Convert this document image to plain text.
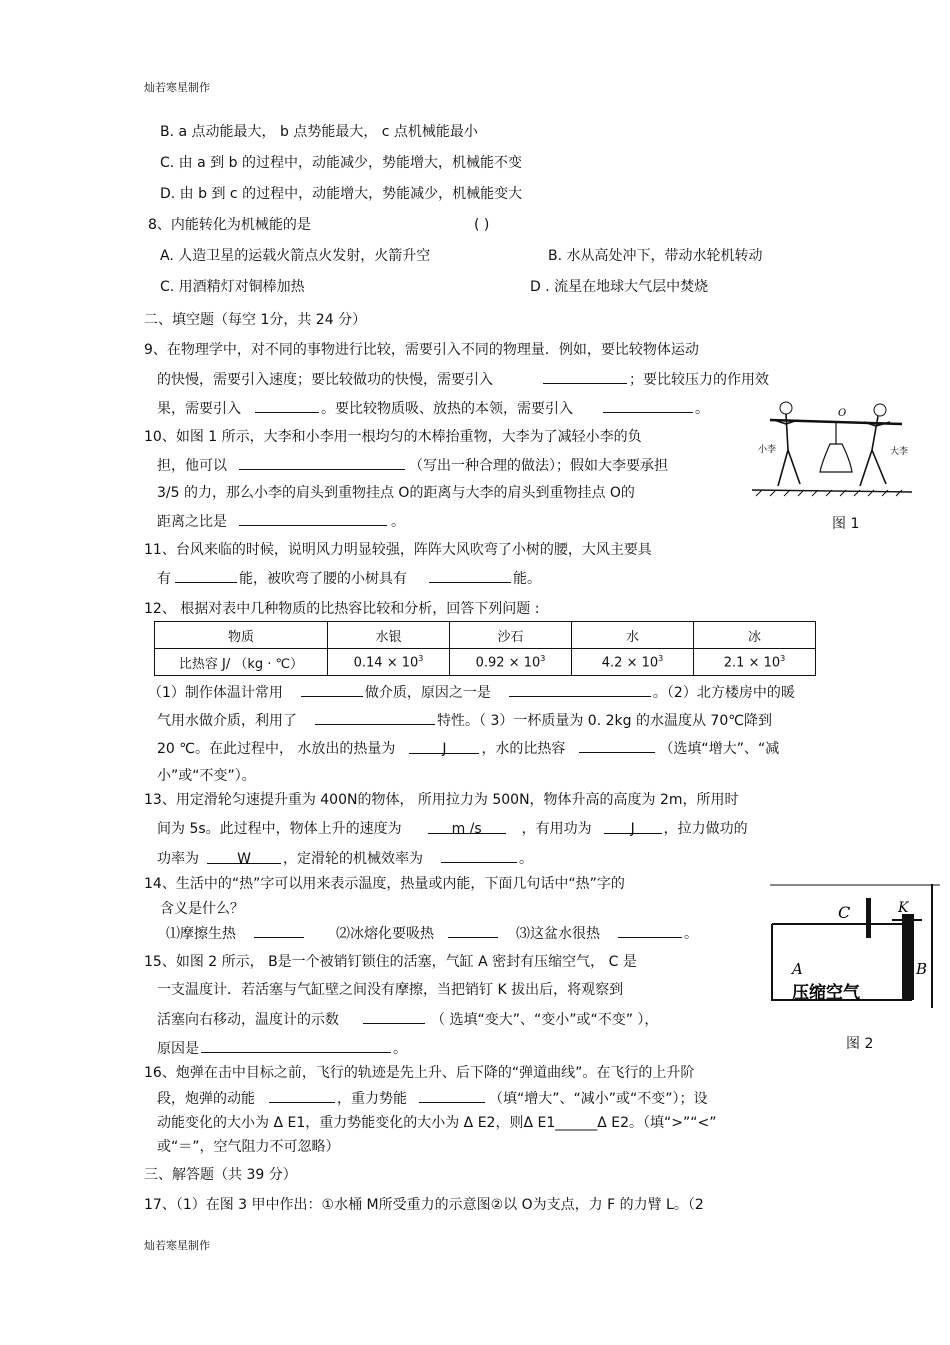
灿若寒星制作
B. a 点动能最大， b 点势能最大， c 点机械能最小
C. 由 a 到 b 的过程中，动能减少，势能增大，机械能不变
D. 由 b 到 c 的过程中，动能增大，势能减少，机械能变大
8、内能转化为机械能的是	( )
A. 人造卫星的运载火箭点火发射，火箭升空	B. 水从高处冲下，带动水轮机转动
C. 用酒精灯对铜棒加热	D . 流星在地球大气层中焚烧
二、填空题（每空 1分，共 24 分）
9、在物理学中，对不同的事物进行比较，需要引入不同的物理量．例如，要比较物体运动
的快慢，需要引入速度；要比较做功的快慢，需要引入	；要比较压力的作用效
果，需要引入	。要比较物质吸、放热的本领，需要引入	。
10、如图 1 所示，大李和小李用一根均匀的木棒抬重物，大李为了减轻小李的负
担，他可以	（写出一种合理的做法）；假如大李要承担
3/5 的力，那么小李的肩头到重物挂点 O的距离与大李的肩头到重物挂点 O的
距离之比是	。
O
小李	大李
图 1
11、台风来临的时候，说明风力明显较强，阵阵大风吹弯了小树的腰，大风主要具
有	能，被吹弯了腰的小树具有	能。
12、 根据对表中几种物质的比热容比较和分析，回答下列问题 :
物质	水银	沙石	水	冰
比热容 J/ （kg · ℃）	$0.14 \times 10^3$	$0.92 \times 10^3$	$4.2 \times 10^3$	$2.1 \times 10^3$
（1）制作体温计常用	做介质，原因之一是	。（2）北方楼房中的暖
气用水做介质，利用了	特性。（ 3）一杯质量为 0. 2kg 的水温度从 70℃降到
20 ℃。在此过程中， 水放出的热量为	J ，水的比热容	（选填“增大”、“减
小”或“不变”）。
13、用定滑轮匀速提升重为 400N的物体， 所用拉力为 500N，物体升高的高度为 2m，所用时
间为 5s。此过程中，物体上升的速度为	m /s	，有用功为	J ，拉力做功的
功率为	W ，定滑轮的机械效率为	。
14、生活中的“热”字可以用来表示温度，热量或内能，下面几句话中“热”字的
含义是什么？
⑴摩擦生热	⑵冰熔化要吸热	⑶这盆水很热	。
15、如图 2 所示， B是一个被销钉锁住的活塞，气缸 A 密封有压缩空气， C 是
一支温度计．若活塞与气缸壁之间没有摩擦，当把销钉 K 拔出后，将观察到
活塞向右移动，温度计的示数	（ 选填“变大”、“变小”或“不变” ），
原因是	。
C	K
A	B
压缩空气
图 2
16、炮弹在击中目标之前，飞行的轨迹是先上升、后下降的“弹道曲线”。在飞行的上升阶
段，炮弹的动能	，重力势能	（填“增大”、“减小”或“不变”）；设
动能变化的大小为 Δ E1，重力势能变化的大小为 Δ E2，则Δ E1______Δ E2。（填“>”“<”
或“＝”，空气阻力不可忽略）
三、解答题（共 39 分）
17、（1）在图 3 甲中作出：①水桶 M所受重力的示意图②以 O为支点，力 F 的力臂 L。（2
灿若寒星制作
